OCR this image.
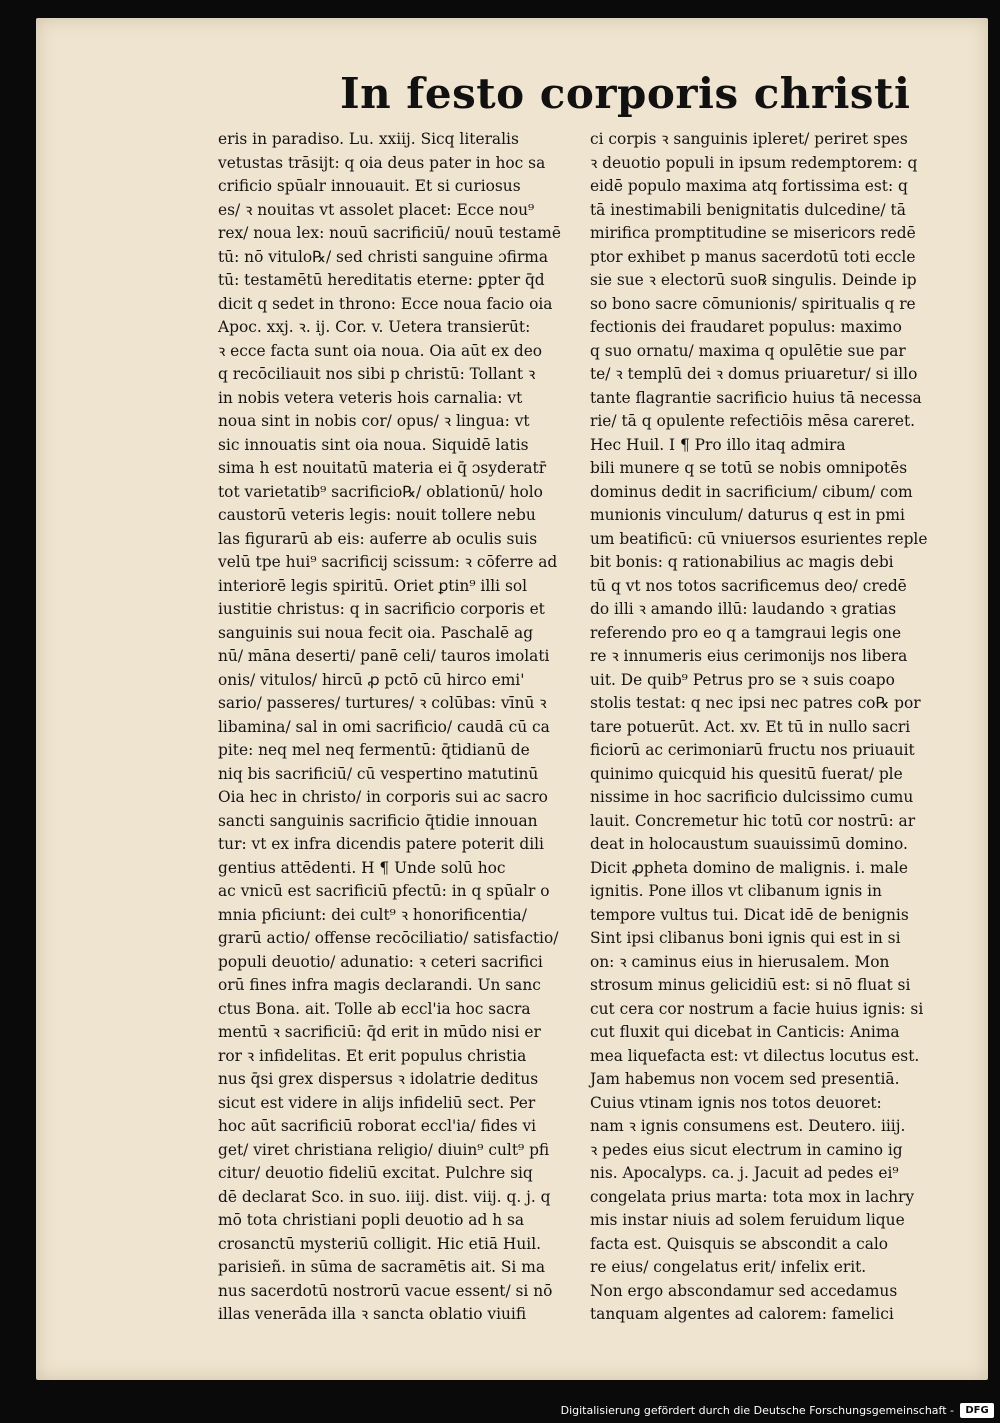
In festo corporis christi
eris in paradiso. Lu. xxiij. Sicq literalis
vetustas trāsijt: q oia deus pater in hoc sa
crificio spūalr innouauit. Et si curiosus
es/ ꝛ nouitas vt assolet placet: Ecce nou⁹
rex/ noua lex: nouū sacrificiū/ nouū testamē
tū: nō vitulo℞/ sed christi sanguine ɔfirma
tū: testamētū hereditatis eterne: ꝑpter q̄d
dicit q sedet in throno: Ecce noua facio oia
Apoc. xxj. ꝛ. ij. Cor. v. Uetera transierūt:
ꝛ ecce facta sunt oia noua. Oia aūt ex deo
q recōciliauit nos sibi p christū: Tollant ꝛ
in nobis vetera veteris hois carnalia: vt
noua sint in nobis cor/ opus/ ꝛ lingua: vt
sic innouatis sint oia noua. Siquidē latis
sima h est nouitatū materia ei q̄ ɔsyderatr̄
tot varietatib⁹ sacrificio℞/ oblationū/ holo
caustorū veteris legis: nouit tollere nebu
las figurarū ab eis: auferre ab oculis suis
velū tpe hui⁹ sacrificij scissum: ꝛ cōferre ad
interiorē legis spiritū. Oriet ꝑtin⁹ illi sol
iustitie christus: q in sacrificio corporis et
sanguinis sui noua fecit oia. Paschalē ag
nū/ māna deserti/ panē celi/ tauros imolati
onis/ vitulos/ hircū ꝓ pctō cū hirco emi'
sario/ passeres/ turtures/ ꝛ colūbas: vīnū ꝛ
libamina/ sal in omi sacrificio/ caudā cū ca
pite: neq mel neq fermentū: q̄tidianū de
niq bis sacrificiū/ cū vespertino matutinū
Oia hec in christo/ in corporis sui ac sacro
sancti sanguinis sacrificio q̄tidie innouan
tur: vt ex infra dicendis patere poterit dili
gentius attēdenti. H ¶ Unde solū hoc
ac vnicū est sacrificiū pfectū: in q spūalr o
mnia pficiunt: dei cult⁹ ꝛ honorificentia/
grarū actio/ offense recōciliatio/ satisfactio/
populi deuotio/ adunatio: ꝛ ceteri sacrifici
orū fines infra magis declarandi. Un sanc
ctus Bona. ait. Tolle ab eccl'ia hoc sacra
mentū ꝛ sacrificiū: q̄d erit in mūdo nisi er
ror ꝛ infidelitas. Et erit populus christia
nus q̄si grex dispersus ꝛ idolatrie deditus
sicut est videre in alijs infideliū sect. Per
hoc aūt sacrificiū roborat eccl'ia/ fides vi
get/ viret christiana religio/ diuin⁹ cult⁹ pfi
citur/ deuotio fideliū excitat. Pulchre siq
dē declarat Sco. in suo. iiij. dist. viij. q. j. q
mō tota christiani popli deuotio ad h sa
crosanctū mysteriū colligit. Hic etiā Huil.
parisieñ. in sūma de sacramētis ait. Si ma
nus sacerdotū nostrorū vacue essent/ si nō
illas venerāda illa ꝛ sancta oblatio viuifi
ci corpis ꝛ sanguinis ipleret/ periret spes
ꝛ deuotio populi in ipsum redemptorem: q
eidē populo maxima atq fortissima est: q
tā inestimabili benignitatis dulcedine/ tā
mirifica promptitudine se misericors redē
ptor exhibet p manus sacerdotū toti eccle
sie sue ꝛ electorū suo℞ singulis. Deinde ip
so bono sacre cōmunionis/ spiritualis q re
fectionis dei fraudaret populus: maximo
q suo ornatu/ maxima q opulētie sue par
te/ ꝛ templū dei ꝛ domus priuaretur/ si illo
tante flagrantie sacrificio huius tā necessa
rie/ tā q opulente refectiōis mēsa careret.
Hec Huil. I ¶ Pro illo itaq admira
bili munere q se totū se nobis omnipotēs
dominus dedit in sacrificium/ cibum/ com
munionis vinculum/ daturus q est in pmi
um beatificū: cū vniuersos esurientes reple
bit bonis: q rationabilius ac magis debi
tū q vt nos totos sacrificemus deo/ credē
do illi ꝛ amando illū: laudando ꝛ gratias
referendo pro eo q a tamgraui legis one
re ꝛ innumeris eius cerimonijs nos libera
uit. De quib⁹ Petrus pro se ꝛ suis coapo
stolis testat: q nec ipsi nec patres co℞ por
tare potuerūt. Act. xv. Et tū in nullo sacri
ficiorū ac cerimoniarū fructu nos priuauit
quinimo quicquid his quesitū fuerat/ ple
nissime in hoc sacrificio dulcissimo cumu
lauit. Concremetur hic totū cor nostrū: ar
deat in holocaustum suauissimū domino.
Dicit ꝓpheta domino de malignis. i. male
ignitis. Pone illos vt clibanum ignis in
tempore vultus tui. Dicat idē de benignis
Sint ipsi clibanus boni ignis qui est in si
on: ꝛ caminus eius in hierusalem. Mon
strosum minus gelicidiū est: si nō fluat si
cut cera cor nostrum a facie huius ignis: si
cut fluxit qui dicebat in Canticis: Anima
mea liquefacta est: vt dilectus locutus est.
Jam habemus non vocem sed presentiā.
Cuius vtinam ignis nos totos deuoret:
nam ꝛ ignis consumens est. Deutero. iiij.
ꝛ pedes eius sicut electrum in camino ig
nis. Apocalyps. ca. j. Jacuit ad pedes ei⁹
congelata prius marta: tota mox in lachry
mis instar niuis ad solem feruidum lique
facta est. Quisquis se abscondit a calo
re eius/ congelatus erit/ infelix erit.
Non ergo abscondamur sed accedamus
tanquam algentes ad calorem: famelici
Digitalisierung gefördert durch die Deutsche Forschungsgemeinschaft -	DFG
